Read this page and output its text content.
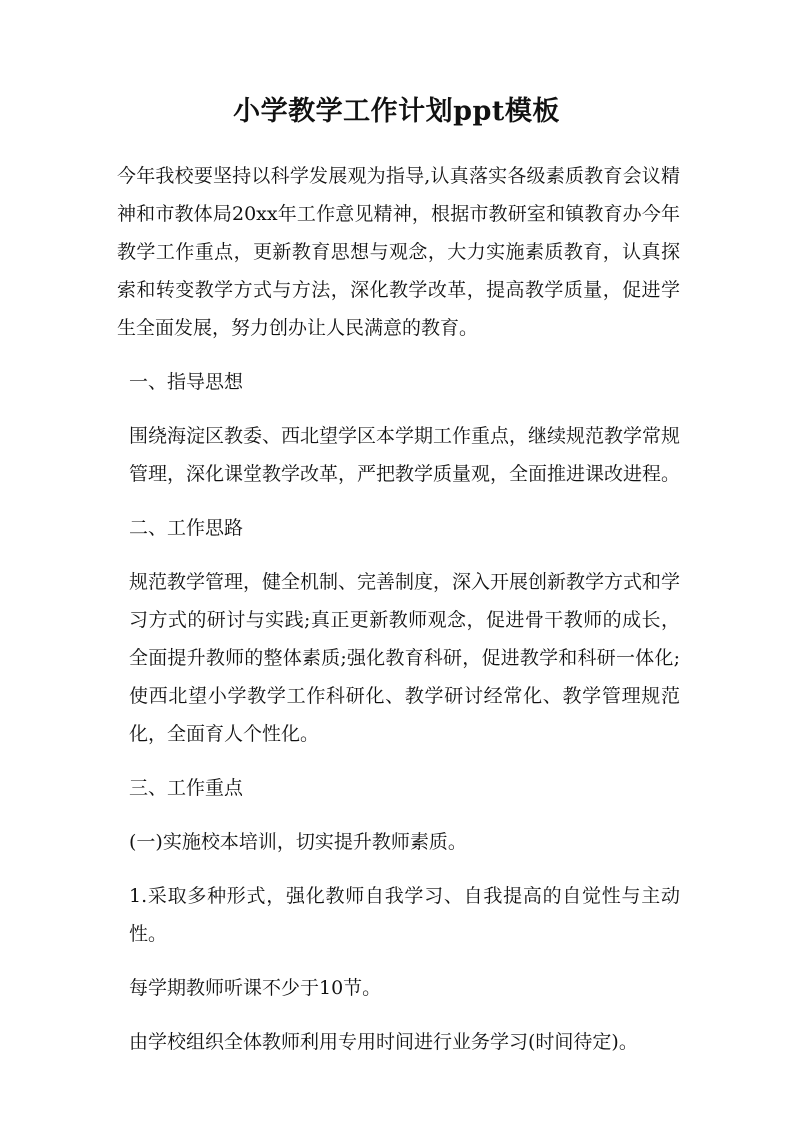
小学教学工作计划ppt模板

今年我校要坚持以科学发展观为指导,认真落实各级素质教育会议精神和市教体局20xx年工作意见精神，根据市教研室和镇教育办今年教学工作重点，更新教育思想与观念，大力实施素质教育，认真探索和转变教学方式与方法，深化教学改革，提高教学质量，促进学生全面发展，努力创办让人民满意的教育。

一、指导思想

围绕海淀区教委、西北望学区本学期工作重点，继续规范教学常规管理，深化课堂教学改革，严把教学质量观，全面推进课改进程。

二、工作思路

规范教学管理，健全机制、完善制度，深入开展创新教学方式和学习方式的研讨与实践;真正更新教师观念，促进骨干教师的成长，全面提升教师的整体素质;强化教育科研，促进教学和科研一体化;使西北望小学教学工作科研化、教学研讨经常化、教学管理规范化，全面育人个性化。

三、工作重点

(一)实施校本培训，切实提升教师素质。

1.采取多种形式，强化教师自我学习、自我提高的自觉性与主动性。

每学期教师听课不少于10节。

由学校组织全体教师利用专用时间进行业务学习(时间待定)。
